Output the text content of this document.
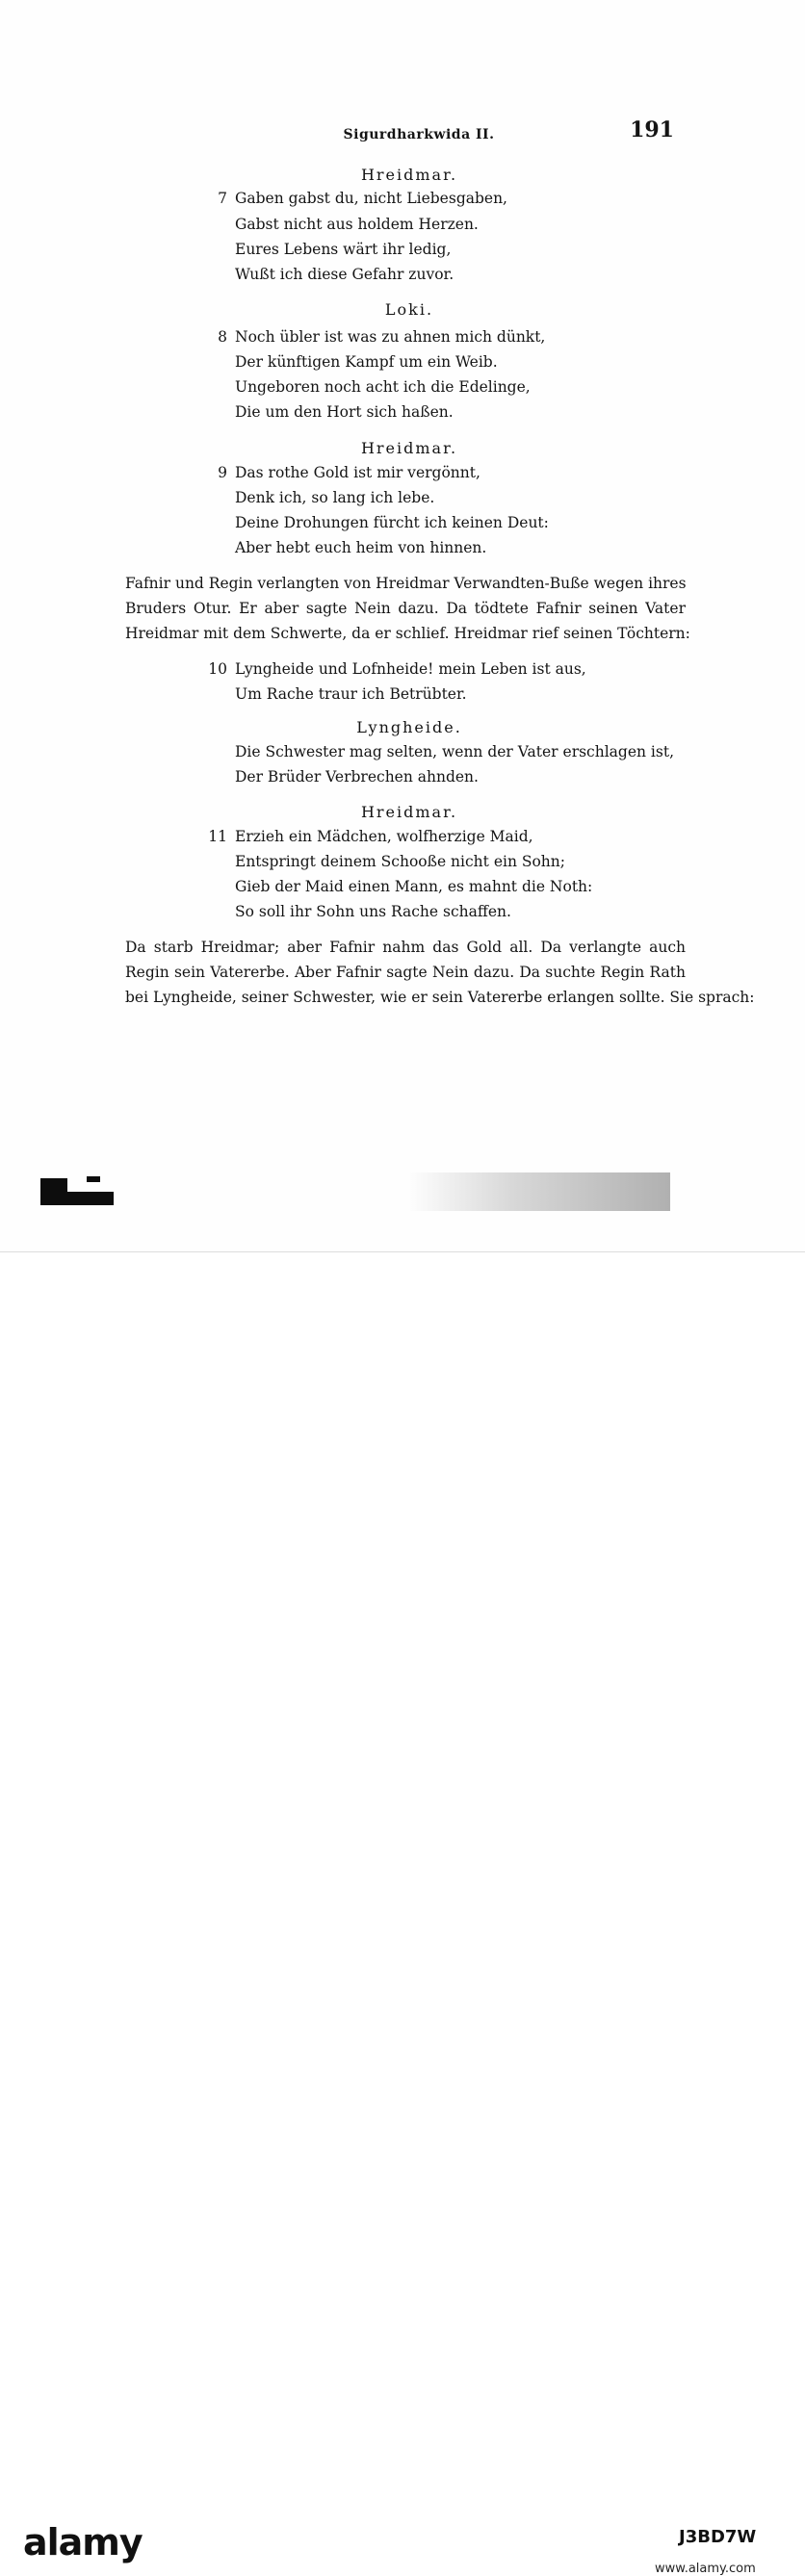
Sigurdharkwida II.	191
Hreidmar.
7 Gaben gabst du, nicht Liebesgaben,
Gabst nicht aus holdem Herzen.
Eures Lebens wärt ihr ledig,
Wußt ich diese Gefahr zuvor.
Loki.
8 Noch übler ist was zu ahnen mich dünkt,
Der künftigen Kampf um ein Weib.
Ungeboren noch acht ich die Edelinge,
Die um den Hort sich haßen.
Hreidmar.
9 Das rothe Gold ist mir vergönnt,
Denk ich, so lang ich lebe.
Deine Drohungen fürcht ich keinen Deut:
Aber hebt euch heim von hinnen.
Fafnir und Regin verlangten von Hreidmar Verwandten-Buße wegen ihres
Bruders Otur. Er aber sagte Nein dazu. Da tödtete Fafnir seinen Vater
Hreidmar mit dem Schwerte, da er schlief. Hreidmar rief seinen Töchtern:
10 Lyngheide und Lofnheide! mein Leben ist aus,
Um Rache traur ich Betrübter.
Lyngheide.
Die Schwester mag selten, wenn der Vater erschlagen ist,
Der Brüder Verbrechen ahnden.
Hreidmar.
11 Erzieh ein Mädchen, wolfherzige Maid,
Entspringt deinem Schooße nicht ein Sohn;
Gieb der Maid einen Mann, es mahnt die Noth:
So soll ihr Sohn uns Rache schaffen.
Da starb Hreidmar; aber Fafnir nahm das Gold all. Da verlangte auch
Regin sein Vatererbe. Aber Fafnir sagte Nein dazu. Da suchte Regin Rath
bei Lyngheide, seiner Schwester, wie er sein Vatererbe erlangen sollte. Sie sprach:
alamy	J3BD7W
www.alamy.com
